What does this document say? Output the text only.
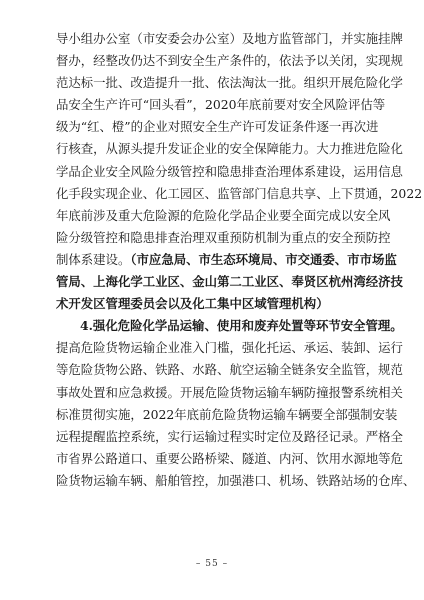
导小组办公室（市安委会办公室）及地方监管部门，并实施挂牌
督办，经整改仍达不到安全生产条件的，依法予以关闭，实现规
范达标一批、改造提升一批、依法淘汰一批。组织开展危险化学
品安全生产许可“回头看”，2020年底前要对安全风险评估等
级为“红、橙”的企业对照安全生产许可发证条件逐一再次进
行核查，从源头提升发证企业的安全保障能力。大力推进危险化
学品企业安全风险分级管控和隐患排查治理体系建设，运用信息
化手段实现企业、化工园区、监管部门信息共享、上下贯通，2022
年底前涉及重大危险源的危险化学品企业要全面完成以安全风
险分级管控和隐患排查治理双重预防机制为重点的安全预防控
制体系建设。（市应急局、市生态环境局、市交通委、市市场监
管局、上海化学工业区、金山第二工业区、奉贤区杭州湾经济技
术开发区管理委员会以及化工集中区域管理机构）
4.强化危险化学品运输、使用和废弃处置等环节安全管理。
提高危险货物运输企业准入门槛，强化托运、承运、装卸、运行
等危险货物公路、铁路、水路、航空运输全链条安全监管，规范
事故处置和应急救援。开展危险货物运输车辆防撞报警系统相关
标准贯彻实施，2022年底前危险货物运输车辆要全部强制安装
远程提醒监控系统，实行运输过程实时定位及路径记录。严格全
市省界公路道口、重要公路桥梁、隧道、内河、饮用水源地等危
险货物运输车辆、船舶管控，加强港口、机场、铁路站场的仓库、
– 55 –
